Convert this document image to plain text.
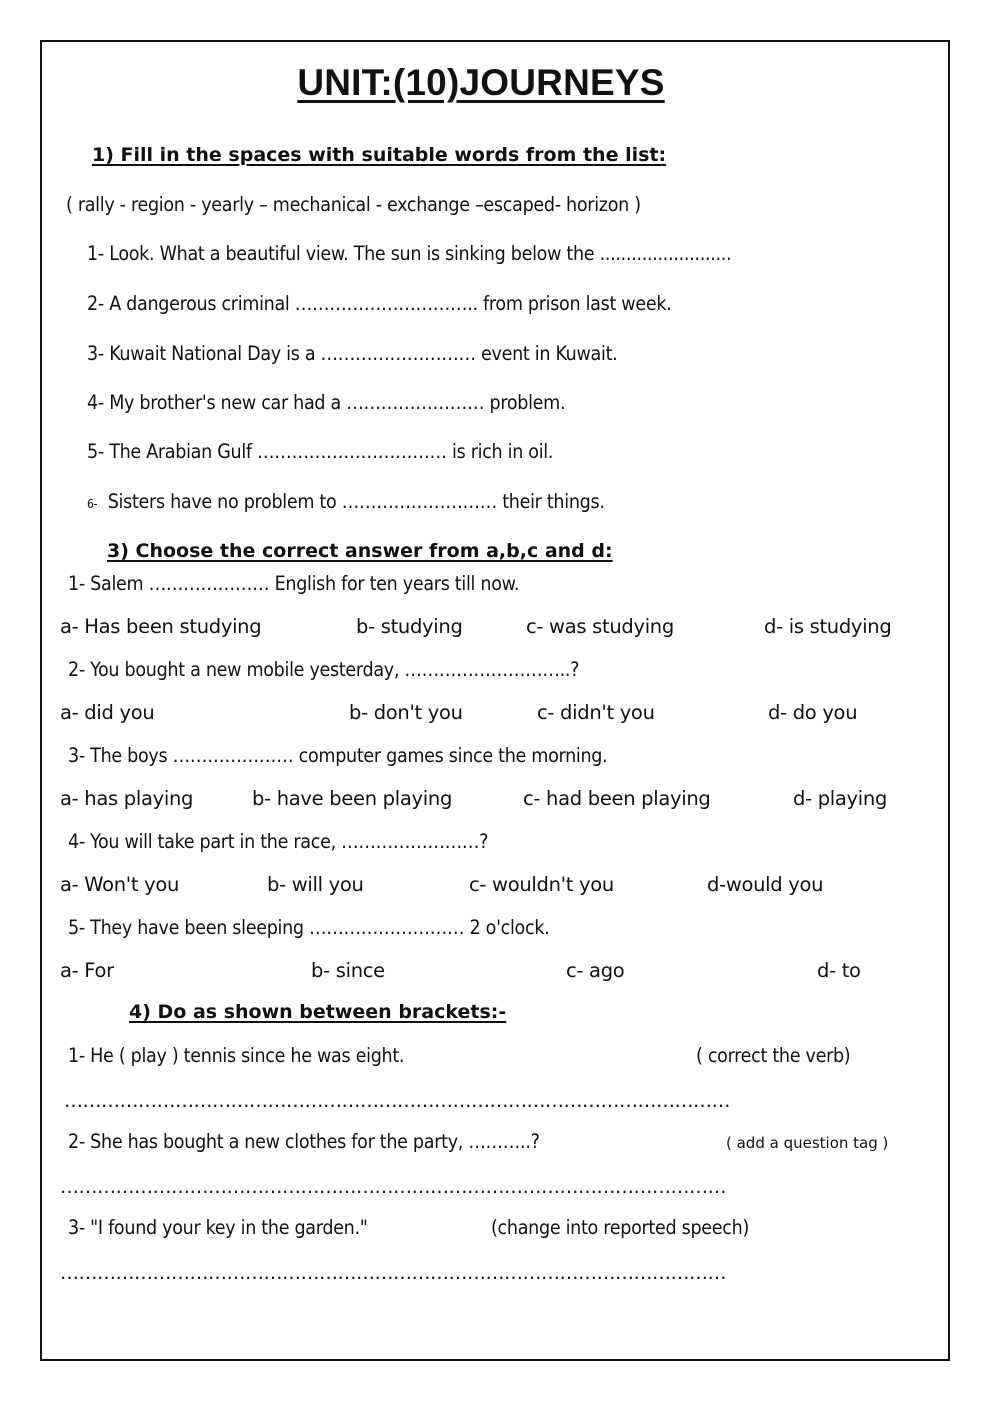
UNIT:(10)JOURNEYS
1) Fill in the spaces with suitable words from the list:
( rally - region - yearly – mechanical - exchange –escaped- horizon )
1- Look. What a beautiful view. The sun is sinking below the .........................
2- A dangerous criminal ………………………….. from prison last week.
3- Kuwait National Day is a ……………………… event in Kuwait.
4- My brother's new car had a …………………… problem.
5- The Arabian Gulf …………………………… is rich in oil.
6- Sisters have no problem to ……………………… their things.
3) Choose the correct answer from a,b,c and d:
1- Salem ………………… English for ten years till now.
a- Has been studying	b- studying	c- was studying	d- is studying
2- You bought a new mobile yesterday, ………………………..?
a- did you	b- don't you	c- didn't you	d- do you
3- The boys ………………… computer games since the morning.
a- has playing	b- have been playing	c- had been playing	d- playing
4- You will take part in the race, ……………………?
a- Won't you	b- will you	c- wouldn't you	d-would you
5- They have been sleeping ……………………… 2 o'clock.
a- For	b- since	c- ago	d- to
4) Do as shown between brackets:-
1- He ( play ) tennis since he was eight.	( correct the verb)
………………………………………………………………………………………………
2- She has bought a new clothes for the party, ………..?	( add a question tag )
………………………………………………………………………………………………
3- "I found your key in the garden."	(change into reported speech)
………………………………………………………………………………………………
